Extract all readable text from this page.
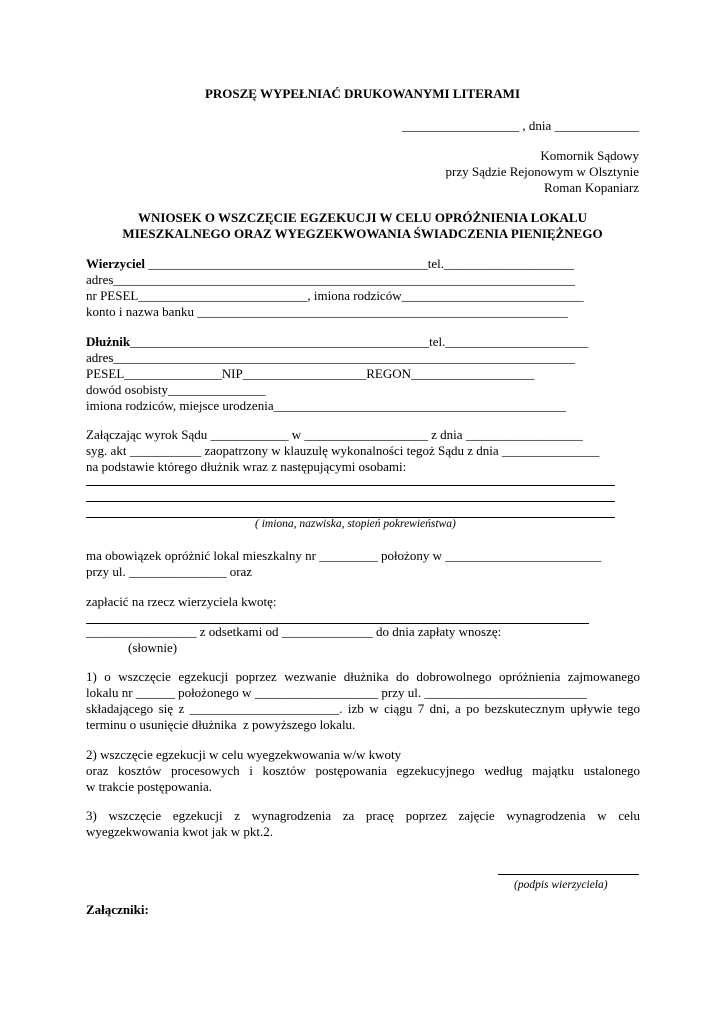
PROSZĘ WYPEŁNIAĆ DRUKOWANYMI LITERAMI
__________________ , dnia _____________
Komornik Sądowy
przy Sądzie Rejonowym w Olsztynie
Roman Kopaniarz
WNIOSEK O WSZCZĘCIE EGZEKUCJI W CELU OPRÓŻNIENIA LOKALU
MIESZKALNEGO ORAZ WYEGZEKWOWANIA ŚWIADCZENIA PIENIĘŻNEGO
Wierzyciel ___________________________________________tel.____________________
adres_______________________________________________________________________
nr PESEL__________________________, imiona rodziców____________________________
konto i nazwa banku _________________________________________________________
Dłużnik______________________________________________tel.______________________
adres_______________________________________________________________________
PESEL_______________NIP___________________REGON___________________
dowód osobisty_______________
imiona rodziców, miejsce urodzenia_____________________________________________
Załączając wyrok Sądu ____________ w ___________________ z dnia __________________
syg. akt ___________ zaopatrzony w klauzulę wykonalności tegoż Sądu z dnia _______________
na podstawie którego dłużnik wraz z następującymi osobami:
( imiona, nazwiska, stopień pokrewieństwa)
ma obowiązek opróżnić lokal mieszkalny nr _________ położony w ________________________
przy ul. _______________ oraz
zapłacić na rzecz wierzyciela kwotę:
_________________ z odsetkami od ______________ do dnia zapłaty wnoszę:
(słownie)
1) o wszczęcie egzekucji poprzez wezwanie dłużnika do dobrowolnego opróżnienia zajmowanego
lokalu nr ______ położonego w ___________________ przy ul. _________________________
składającego się z _______________________. izb w ciągu 7 dni, a po bezskutecznym upływie tego
terminu o usunięcie dłużnika  z powyższego lokalu.
2) wszczęcie egzekucji w celu wyegzekwowania w/w kwoty
oraz kosztów procesowych i kosztów postępowania egzekucyjnego według majątku ustalonego
w trakcie postępowania.
3) wszczęcie egzekucji z wynagrodzenia za pracę poprzez zajęcie wynagrodzenia w celu
wyegzekwowania kwot jak w pkt.2.
(podpis wierzyciela)
Załączniki:
